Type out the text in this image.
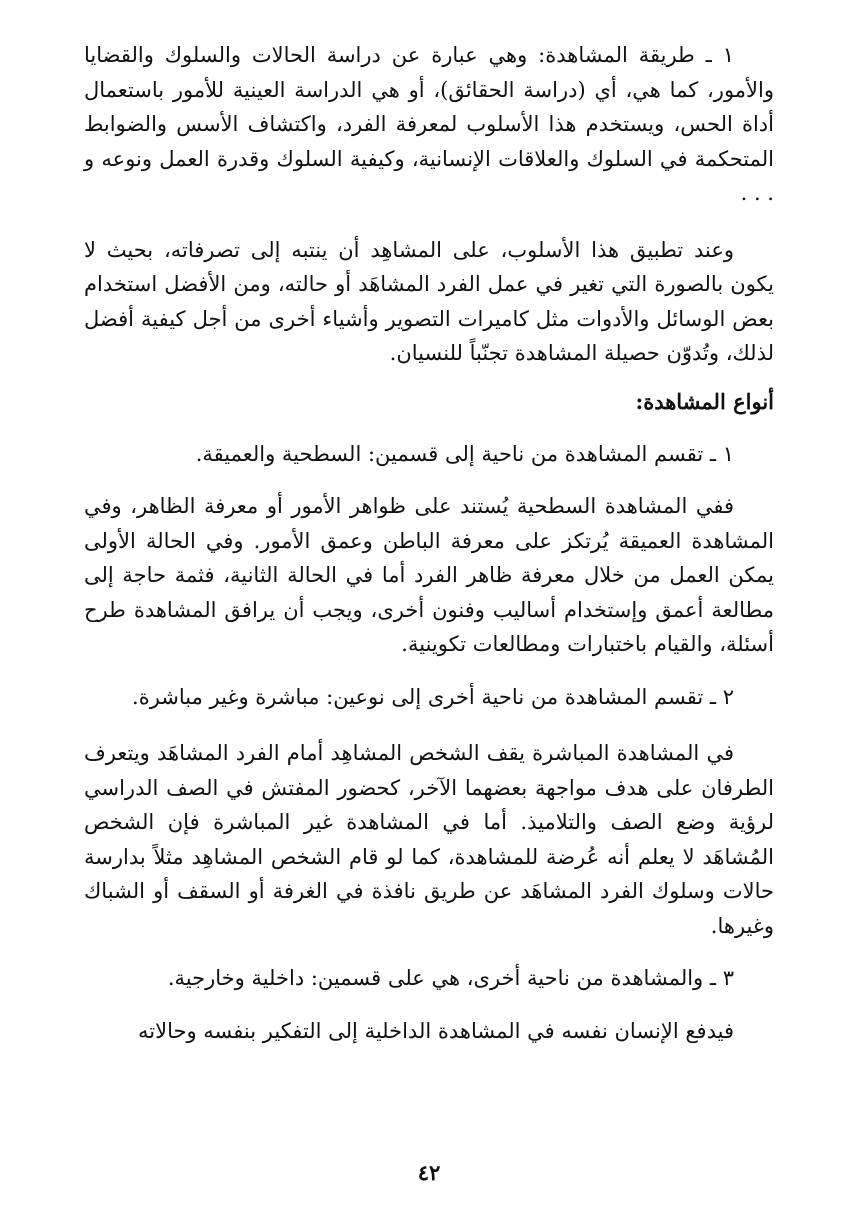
١ ـ طريقة المشاهدة: وهي عبارة عن دراسة الحالات والسلوك والقضايا والأمور، كما هي، أي (دراسة الحقائق)، أو هي الدراسة العينية للأمور باستعمال أداة الحس، ويستخدم هذا الأسلوب لمعرفة الفرد، واكتشاف الأسس والضوابط المتحكمة في السلوك والعلاقات الإنسانية، وكيفية السلوك وقدرة العمل ونوعه و . . .

وعند تطبيق هذا الأسلوب، على المشاهِد أن ينتبه إلى تصرفاته، بحيث لا يكون بالصورة التي تغير في عمل الفرد المشاهَد أو حالته، ومن الأفضل استخدام بعض الوسائل والأدوات مثل كاميرات التصوير وأشياء أخرى من أجل كيفية أفضل لذلك، وتُدوّن حصيلة المشاهدة تجنّباً للنسيان.

أنواع المشاهدة:

١ ـ تقسم المشاهدة من ناحية إلى قسمين: السطحية والعميقة.

ففي المشاهدة السطحية يُستند على ظواهر الأمور أو معرفة الظاهر، وفي المشاهدة العميقة يُرتكز على معرفة الباطن وعمق الأمور. وفي الحالة الأولى يمكن العمل من خلال معرفة ظاهر الفرد أما في الحالة الثانية، فثمة حاجة إلى مطالعة أعمق وإستخدام أساليب وفنون أخرى، ويجب أن يرافق المشاهدة طرح أسئلة، والقيام باختبارات ومطالعات تكوينية.

٢ ـ تقسم المشاهدة من ناحية أخرى إلى نوعين: مباشرة وغير مباشرة.

في المشاهدة المباشرة يقف الشخص المشاهِد أمام الفرد المشاهَد ويتعرف الطرفان على هدف مواجهة بعضهما الآخر، كحضور المفتش في الصف الدراسي لرؤية وضع الصف والتلاميذ. أما في المشاهدة غير المباشرة فإن الشخص المُشاهَد لا يعلم أنه عُرضة للمشاهدة، كما لو قام الشخص المشاهِد مثلاً بدارسة حالات وسلوك الفرد المشاهَد عن طريق نافذة في الغرفة أو السقف أو الشباك وغيرها.

٣ ـ والمشاهدة من ناحية أخرى، هي على قسمين: داخلية وخارجية.

فيدفع الإنسان نفسه في المشاهدة الداخلية إلى التفكير بنفسه وحالاته

٤٢
